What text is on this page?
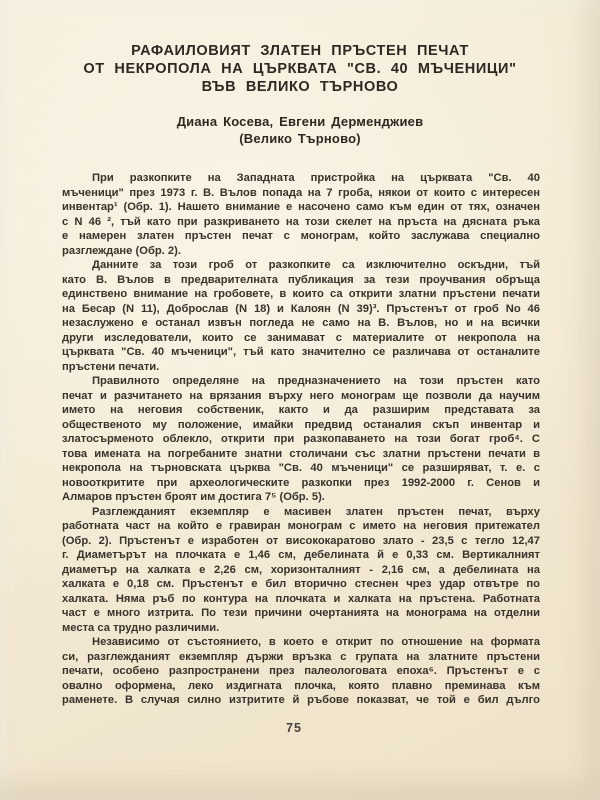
РАФАИЛОВИЯТ ЗЛАТЕН ПРЪСТЕН ПЕЧАТ
ОТ НЕКРОПОЛА НА ЦЪРКВАТА "СВ. 40 МЪЧЕНИЦИ"
ВЪВ ВЕЛИКО ТЪРНОВО
Диана Косева, Евгени Дерменджиев
(Велико Търново)
При разкопките на Западната пристройка на църквата "Св. 40
мъченици" през 1973 г. В. Вълов попада на 7 гроба, някои от които с интересен
инвентар¹ (Обр. 1). Нашето внимание е насочено само към един от тях, означен
с N 46 ², тъй като при разкриването на този скелет на пръста на дясната ръка
е намерен златен пръстен печат с монограм, който заслужава специално
разглеждане (Обр. 2).
Данните за този гроб от разкопките са изключително оскъдни, тъй
като В. Вълов в предварителната публикация за тези проучвания обръща
единствено внимание на гробовете, в които са открити златни пръстени печати
на Бесар (N 11), Доброслав (N 18) и Калоян (N 39)³. Пръстенът от гроб No 46
незаслужено е останал извън погледа не само на В. Вълов, но и на всички
други изследователи, които се занимават с материалите от некропола на
църквата "Св. 40 мъченици", тъй като значително се различава от останалите
пръстени печати.
Правилното определяне на предназначението на този пръстен като
печат и разчитането на врязания върху него монограм ще позволи да научим
името на неговия собственик, както и да разширим представата за
общественото му положение, имайки предвид останалия скъп инвентар и
златосърменото облекло, открити при разкопаването на този богат гроб⁴. С
това имената на погребаните знатни столичани със златни пръстени печати в
некропола на търновската църква "Св. 40 мъченици" се разширяват, т. е. с
новооткритите при археологическите разкопки през 1992-2000 г. Сенов и
Алмаров пръстен броят им достига 7⁵ (Обр. 5).
Разглежданият екземпляр е масивен златен пръстен печат, върху
работната част на който е гравиран монограм с името на неговия притежател
(Обр. 2). Пръстенът е изработен от висококаратово злато - 23,5 с тегло 12,47
г. Диаметърът на плочката е 1,46 см, дебелината й е 0,33 см. Вертикалният
диаметър на халката е 2,26 см, хоризонталният - 2,16 см, а дебелината на
халката е 0,18 см. Пръстенът е бил вторично стеснен чрез удар отвътре по
халката. Няма ръб по контура на плочката и халката на пръстена. Работната
част е много изтрита. По тези причини очертанията на монограма на отделни
места са трудно различими.
Независимо от състоянието, в което е открит по отношение на формата
си, разглежданият екземпляр държи връзка с групата на златните пръстени
печати, особено разпространени през палеологовата епоха⁶. Пръстенът е с
овално оформена, леко издигната плочка, която плавно преминава към
раменете. В случая силно изтритите й ръбове показват, че той е бил дълго
75
